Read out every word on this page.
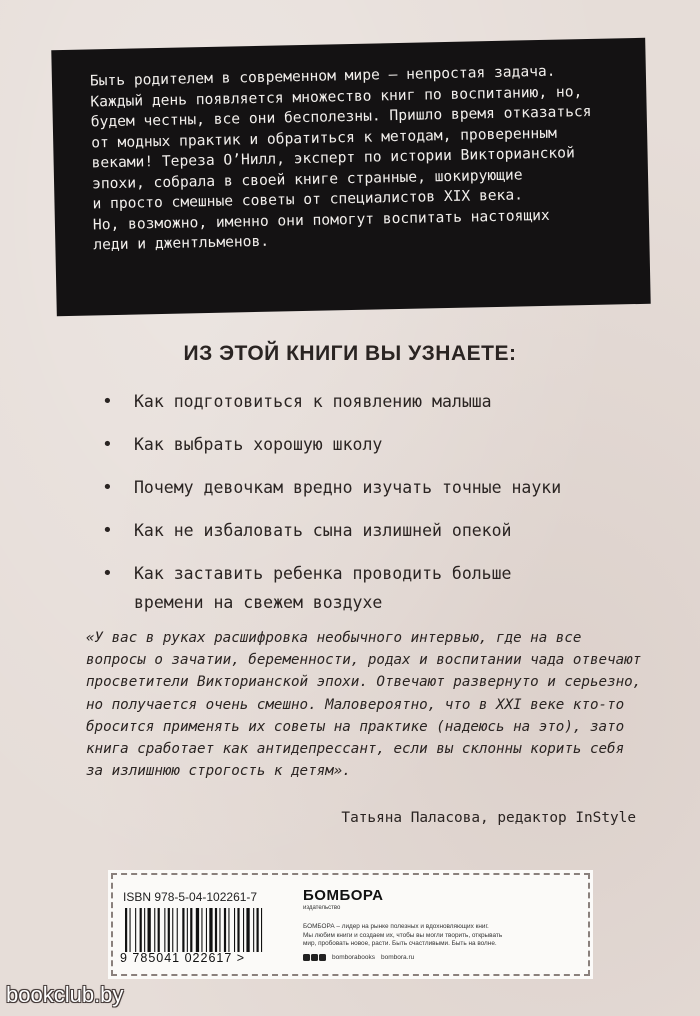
Быть родителем в современном мире — непростая задача.
Каждый день появляется множество книг по воспитанию, но,
будем честны, все они бесполезны. Пришло время отказаться
от модных практик и обратиться к методам, проверенным
веками! Тереза О’Нилл, эксперт по истории Викторианской
эпохи, собрала в своей книге странные, шокирующие
и просто смешные советы от специалистов XIX века.
Но, возможно, именно они помогут воспитать настоящих
леди и джентльменов.

ИЗ ЭТОЙ КНИГИ ВЫ УЗНАЕТЕ:
• Как подготовиться к появлению малыша
• Как выбрать хорошую школу
• Почему девочкам вредно изучать точные науки
• Как не избаловать сына излишней опекой
• Как заставить ребенка проводить больше
времени на свежем воздухе

«У вас в руках расшифровка необычного интервью, где на все
вопросы о зачатии, беременности, родах и воспитании чада отвечают
просветители Викторианской эпохи. Отвечают развернуто и серьезно,
но получается очень смешно. Маловероятно, что в XXI веке кто-то
бросится применять их советы на практике (надеюсь на это), зато
книга сработает как антидепрессант, если вы склонны корить себя
за излишнюю строгость к детям».

Татьяна Паласова, редактор InStyle
ISBN 978-5-04-102261-7
9 785041 022617 >
БОМБОРА
издательство

БОМБОРА – лидер на рынке полезных и вдохновляющих книг.
Мы любим книги и создаем их, чтобы вы могли творить, открывать
мир, пробовать новое, расти. Быть счастливыми. Быть на волне.

bomborabooks bombora.ru
bookclub.by
